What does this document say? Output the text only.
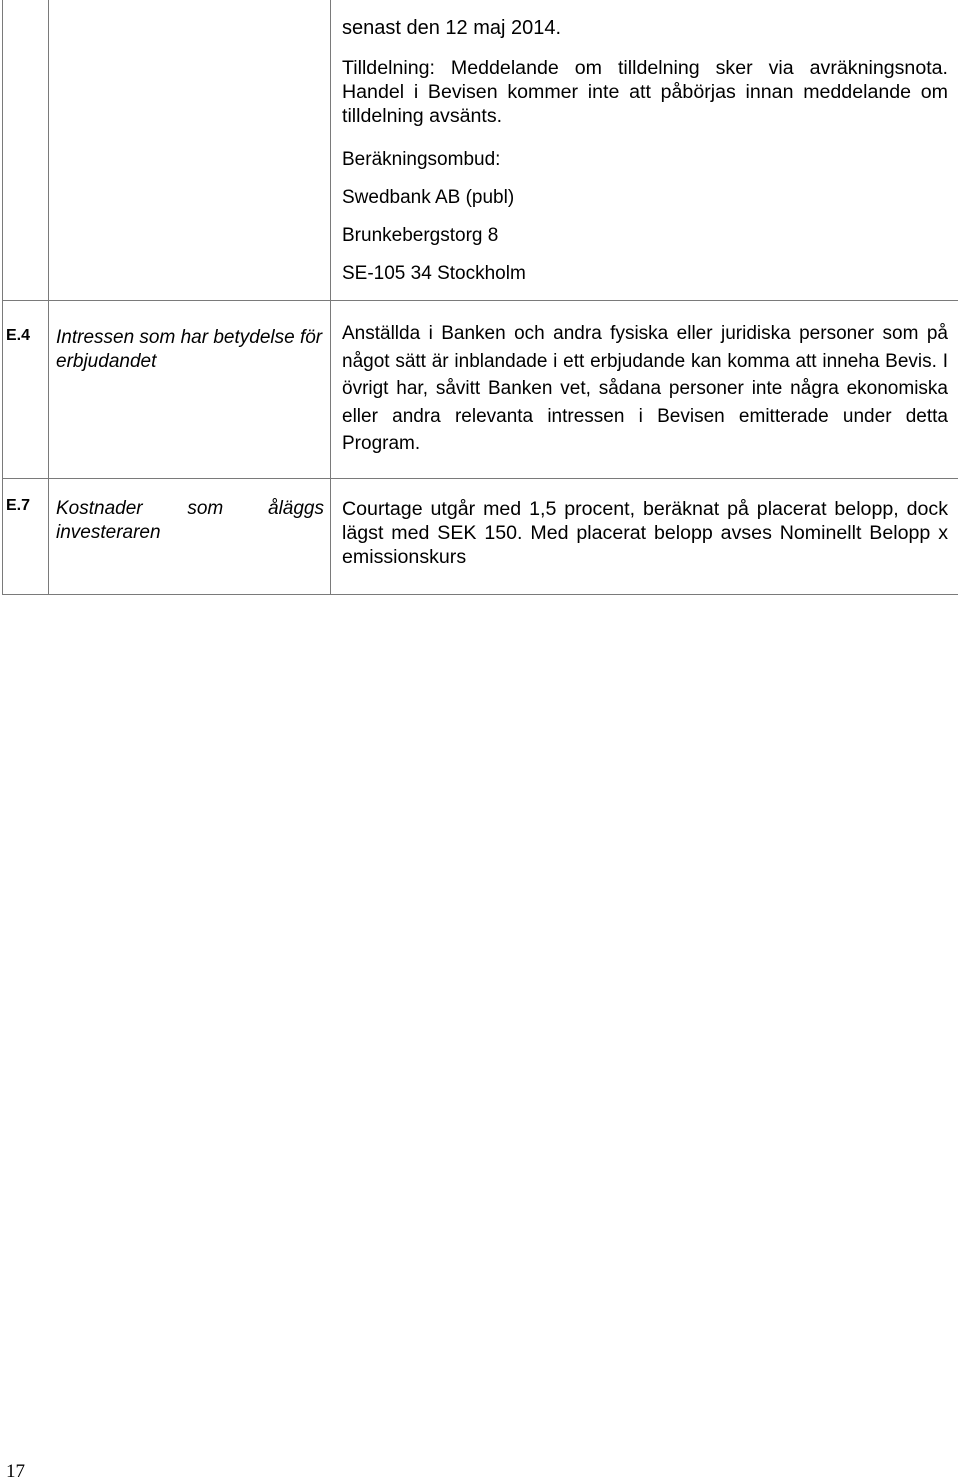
senast den 12 maj 2014.

Tilldelning: Meddelande om tilldelning sker via avräkningsnota. Handel i Bevisen kommer inte att påbörjas innan meddelande om tilldelning avsänts.

Beräkningsombud:

Swedbank AB (publ)

Brunkebergstorg 8

SE-105 34 Stockholm

E.4 Intressen som har betydelse för erbjudandet

Anställda i Banken och andra fysiska eller juridiska personer som på något sätt är inblandade i ett erbjudande kan komma att inneha Bevis. I övrigt har, såvitt Banken vet, sådana personer inte några ekonomiska eller andra relevanta intressen i Bevisen emitterade under detta Program.

E.7 Kostnader som åläggs investeraren

Courtage utgår med 1,5 procent, beräknat på placerat belopp, dock lägst med SEK 150. Med placerat belopp avses Nominellt Belopp x emissionskurs

17
